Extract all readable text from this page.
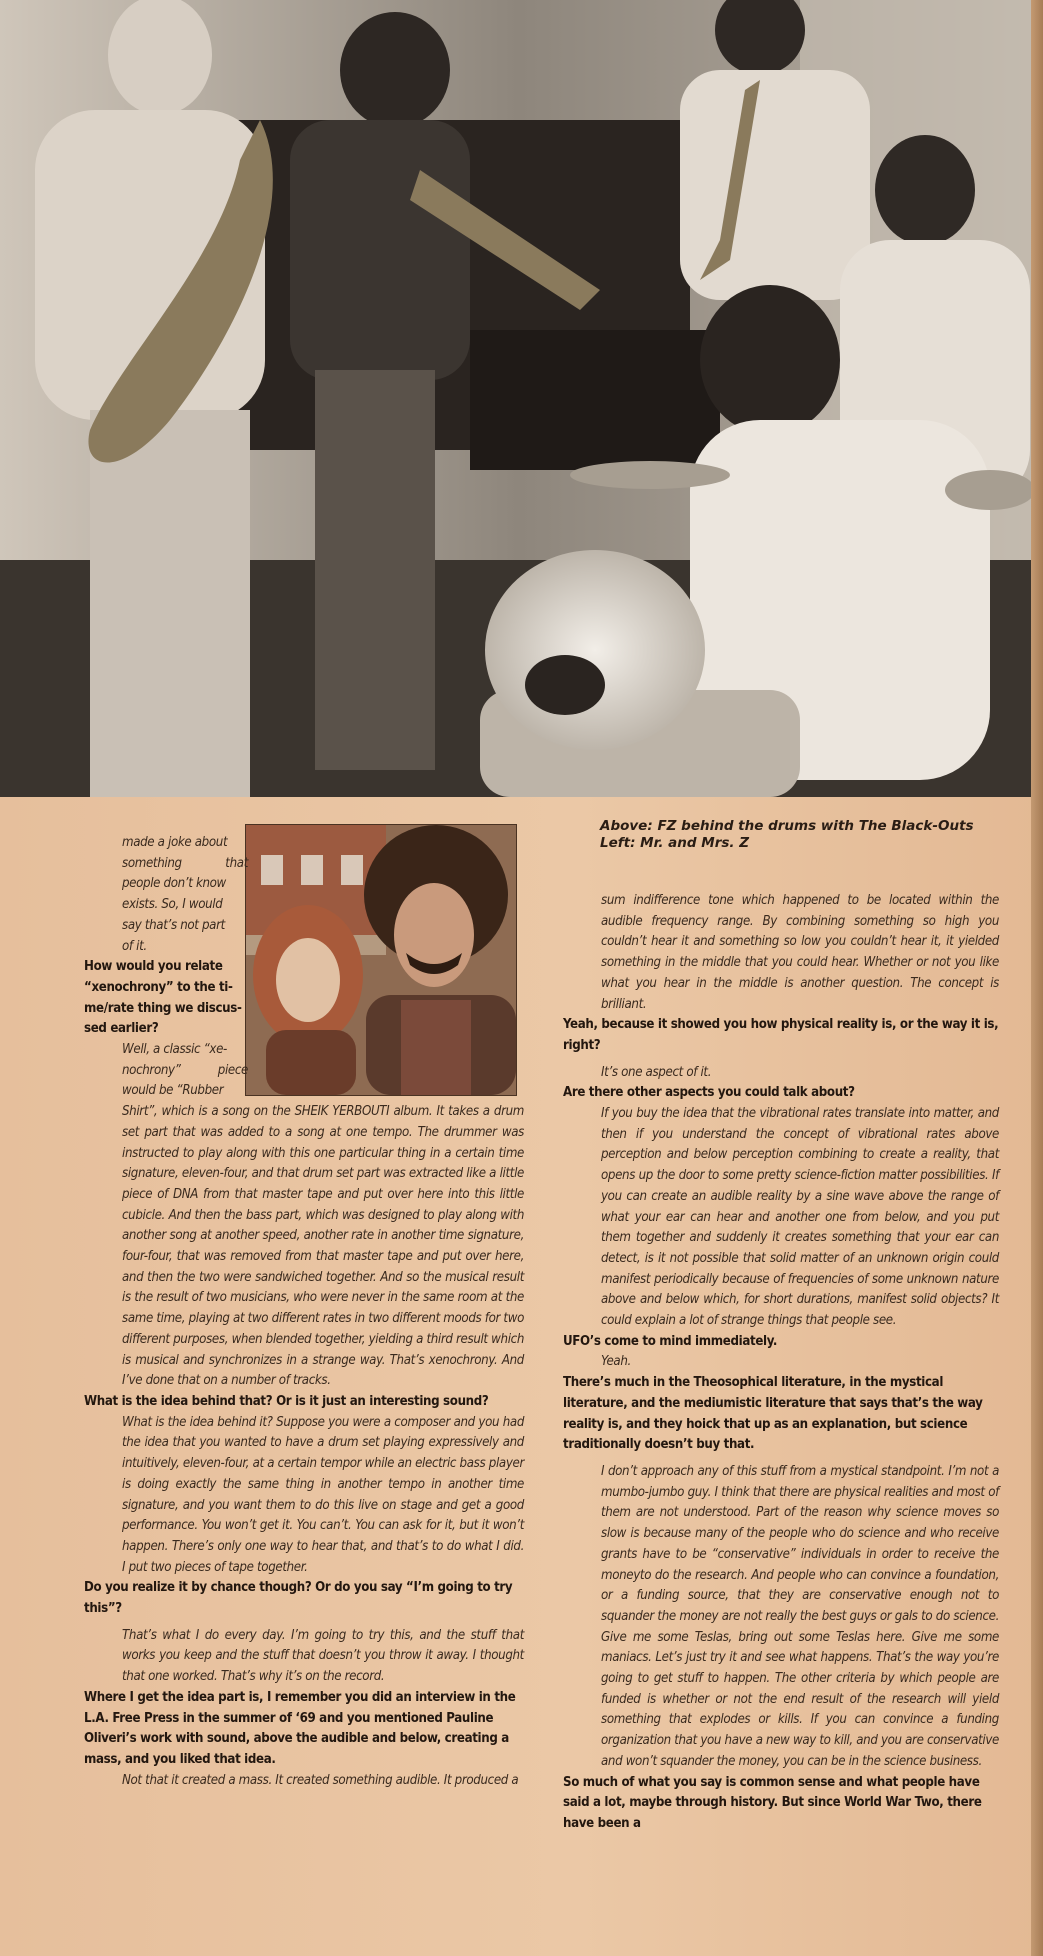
Above: FZ behind the drums with The Black-Outs
Left: Mr. and Mrs. Z
made a joke about
something that
people don’t know
exists. So, I would
say that’s not part
of it.
How would you relate
“xenochrony” to the ti-
me/rate thing we discus-
sed earlier?
Well, a classic “xe-
nochrony” piece
would be “Rubber

Shirt”, which is a song on the SHEIK YERBOUTI album. It takes a drum set part that was added to a song at one tempo. The drummer was instructed to play along with this one particular thing in a certain time signature, eleven-four, and that drum set part was extracted like a little piece of DNA from that master tape and put over here into this little cubicle. And then the bass part, which was designed to play along with another song at another speed, another rate in another time signature, four-four, that was removed from that master tape and put over here, and then the two were sandwiched together. And so the musical result is the result of two musicians, who were never in the same room at the same time, playing at two different rates in two different moods for two different purposes, when blended together, yielding a third result which is musical and synchronizes in a strange way. That’s xenochrony. And I’ve done that on a number of tracks.

What is the idea behind that? Or is it just an interesting sound?

What is the idea behind it? Suppose you were a composer and you had the idea that you wanted to have a drum set playing expressively and intuitively, eleven-four, at a certain tempor while an electric bass player is doing exactly the same thing in another tempo in another time signature, and you want them to do this live on stage and get a good performance. You won’t get it. You can’t. You can ask for it, but it won’t happen. There’s only one way to hear that, and that’s to do what I did. I put two pieces of tape together.

Do you realize it by chance though? Or do you say “I’m going to try this”?

That’s what I do every day. I’m going to try this, and the stuff that works you keep and the stuff that doesn’t you throw it away. I thought that one worked. That’s why it’s on the record.

Where I get the idea part is, I remember you did an interview in the L.A. Free Press in the summer of ‘69 and you mentioned Pauline Oliveri’s work with sound, above the audible and below, creating a mass, and you liked that idea.

Not that it created a mass. It created something audible. It produced a

sum indifference tone which happened to be located within the audible frequency range. By combining something so high you couldn’t hear it and something so low you couldn’t hear it, it yielded something in the middle that you could hear. Whether or not you like what you hear in the middle is another question. The concept is brilliant.

Yeah, because it showed you how physical reality is, or the way it is, right?

It’s one aspect of it.

Are there other aspects you could talk about?

If you buy the idea that the vibrational rates translate into matter, and then if you understand the concept of vibrational rates above perception and below perception combining to create a reality, that opens up the door to some pretty science-fiction matter possibilities. If you can create an audible reality by a sine wave above the range of what your ear can hear and another one from below, and you put them together and suddenly it creates something that your ear can detect, is it not possible that solid matter of an unknown origin could manifest periodically because of frequencies of some unknown nature above and below which, for short durations, manifest solid objects? It could explain a lot of strange things that people see.

UFO’s come to mind immediately.

Yeah.

There’s much in the Theosophical literature, in the mystical literature, and the mediumistic literature that says that’s the way reality is, and they hoick that up as an explanation, but science traditionally doesn’t buy that.

I don’t approach any of this stuff from a mystical standpoint. I’m not a mumbo-jumbo guy. I think that there are physical realities and most of them are not understood. Part of the reason why science moves so slow is because many of the people who do science and who receive grants have to be “conservative” individuals in order to receive the moneyto do the research. And people who can convince a foundation, or a funding source, that they are conservative enough not to squander the money are not really the best guys or gals to do science. Give me some Teslas, bring out some Teslas here. Give me some maniacs. Let’s just try it and see what happens. That’s the way you’re going to get stuff to happen. The other criteria by which people are funded is whether or not the end result of the research will yield something that explodes or kills. If you can convince a funding organization that you have a new way to kill, and you are conservative and won’t squander the money, you can be in the science business.

So much of what you say is common sense and what people have said a lot, maybe through history. But since World War Two, there have been a
